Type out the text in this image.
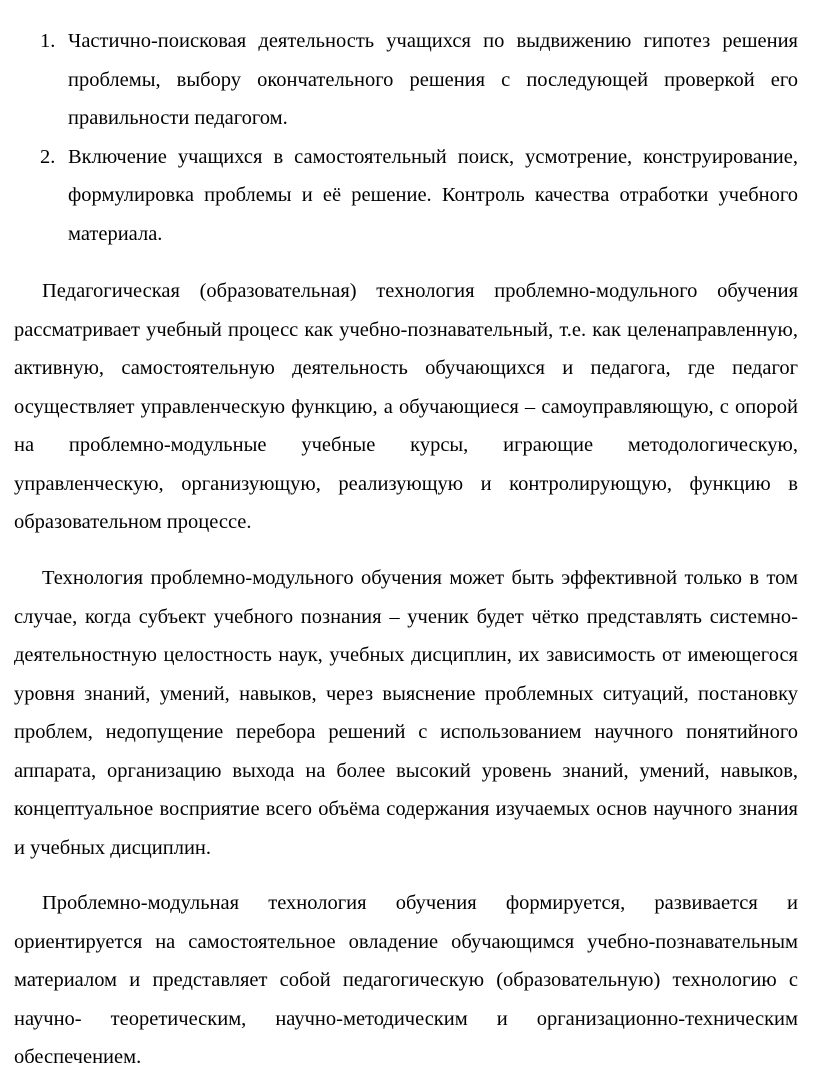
1. Частично-поисковая деятельность учащихся по выдвижению гипотез решения проблемы, выбору окончательного решения с последующей проверкой его правильности педагогом.
2. Включение учащихся в самостоятельный поиск, усмотрение, конструирование, формулировка проблемы и её решение. Контроль качества отработки учебного материала.

Педагогическая (образовательная) технология проблемно-модульного обучения рассматривает учебный процесс как учебно-познавательный, т.е. как целенаправленную, активную, самостоятельную деятельность обучающихся и педагога, где педагог осуществляет управленческую функцию, а обучающиеся – самоуправляющую, с опорой на проблемно-модульные учебные курсы, играющие методологическую, управленческую, организующую, реализующую и контролирующую, функцию в образовательном процессе.

Технология проблемно-модульного обучения может быть эффективной только в том случае, когда субъект учебного познания – ученик будет чётко представлять системно-деятельностную целостность наук, учебных дисциплин, их зависимость от имеющегося уровня знаний, умений, навыков, через выяснение проблемных ситуаций, постановку проблем, недопущение перебора решений с использованием научного понятийного аппарата, организацию выхода на более высокий уровень знаний, умений, навыков, концептуальное восприятие всего объёма содержания изучаемых основ научного знания и учебных дисциплин.

Проблемно-модульная технология обучения формируется, развивается и ориентируется на самостоятельное овладение обучающимся учебно-познавательным материалом и представляет собой педагогическую (образовательную) технологию с научно- теоретическим, научно-методическим и организационно-техническим обеспечением.
